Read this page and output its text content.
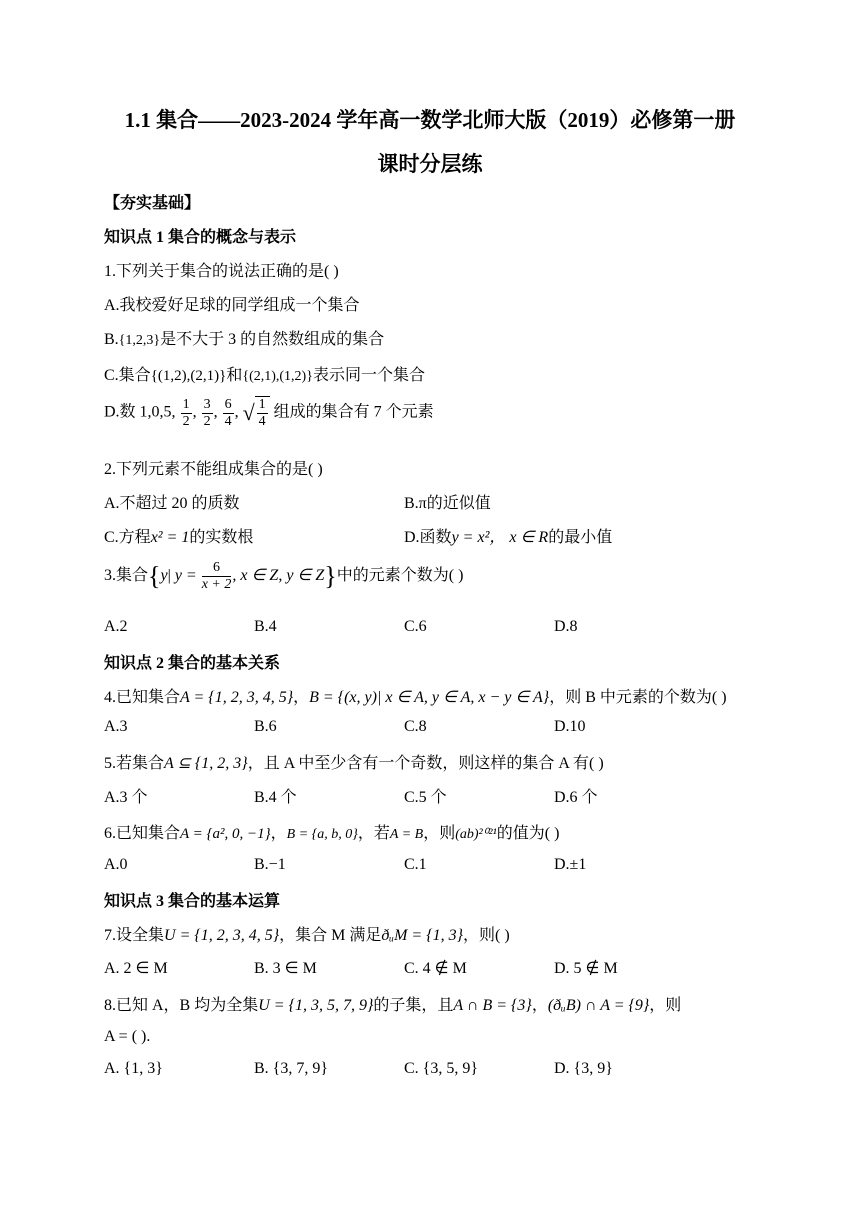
1.1 集合——2023-2024 学年高一数学北师大版（2019）必修第一册
课时分层练
【夯实基础】
知识点 1 集合的概念与表示
1.下列关于集合的说法正确的是( )
A.我校爱好足球的同学组成一个集合
B.{1,2,3}是不大于 3 的自然数组成的集合
C.集合{(1,2),(2,1)}和{(2,1),(1,2)}表示同一个集合
D.数 1,0,5, $\frac{1}{2}$ , $\frac{3}{2}$ , $\frac{6}{4}$ , √ $\frac{1}{4}$ 组成的集合有 7 个元素
2.下列元素不能组成集合的是( )
A.不超过 20 的质数	B.π的近似值
C.方程x² = 1的实数根	D.函数y = x²， x ∈ R的最小值
3.集合{y| $y = \frac{6}{x + 2}$ , x ∈ Z, y ∈ Z}中的元素个数为( )
A.2	B.4	C.6	D.8
知识点 2 集合的基本关系
4.已知集合A = {1, 2, 3, 4, 5}，B = {(x, y)| x ∈ A, y ∈ A, x − y ∈ A}，则 B 中元素的个数为( )
A.3	B.6	C.8	D.10
5.若集合A ⊆ {1, 2, 3}，且 A 中至少含有一个奇数，则这样的集合 A 有( )
A.3 个	B.4 个	C.5 个	D.6 个
6.已知集合A = {a², 0, −1}，B = {a, b, 0}，若A = B，则(ab)²⁰²¹的值为( )
A.0	B.−1	C.1	D.±1
知识点 3 集合的基本运算
7.设全集U = {1, 2, 3, 4, 5}，集合 M 满足ðᵤM = {1, 3}，则( )
A. 2 ∈ M	B. 3 ∈ M	C. 4 ∉ M	D. 5 ∉ M
8.已知 A，B 均为全集U = {1, 3, 5, 7, 9}的子集，且A ∩ B = {3}，(ðᵤB) ∩ A = {9}，则
A = ( ).
A. {1, 3}	B. {3, 7, 9}	C. {3, 5, 9}	D. {3, 9}
